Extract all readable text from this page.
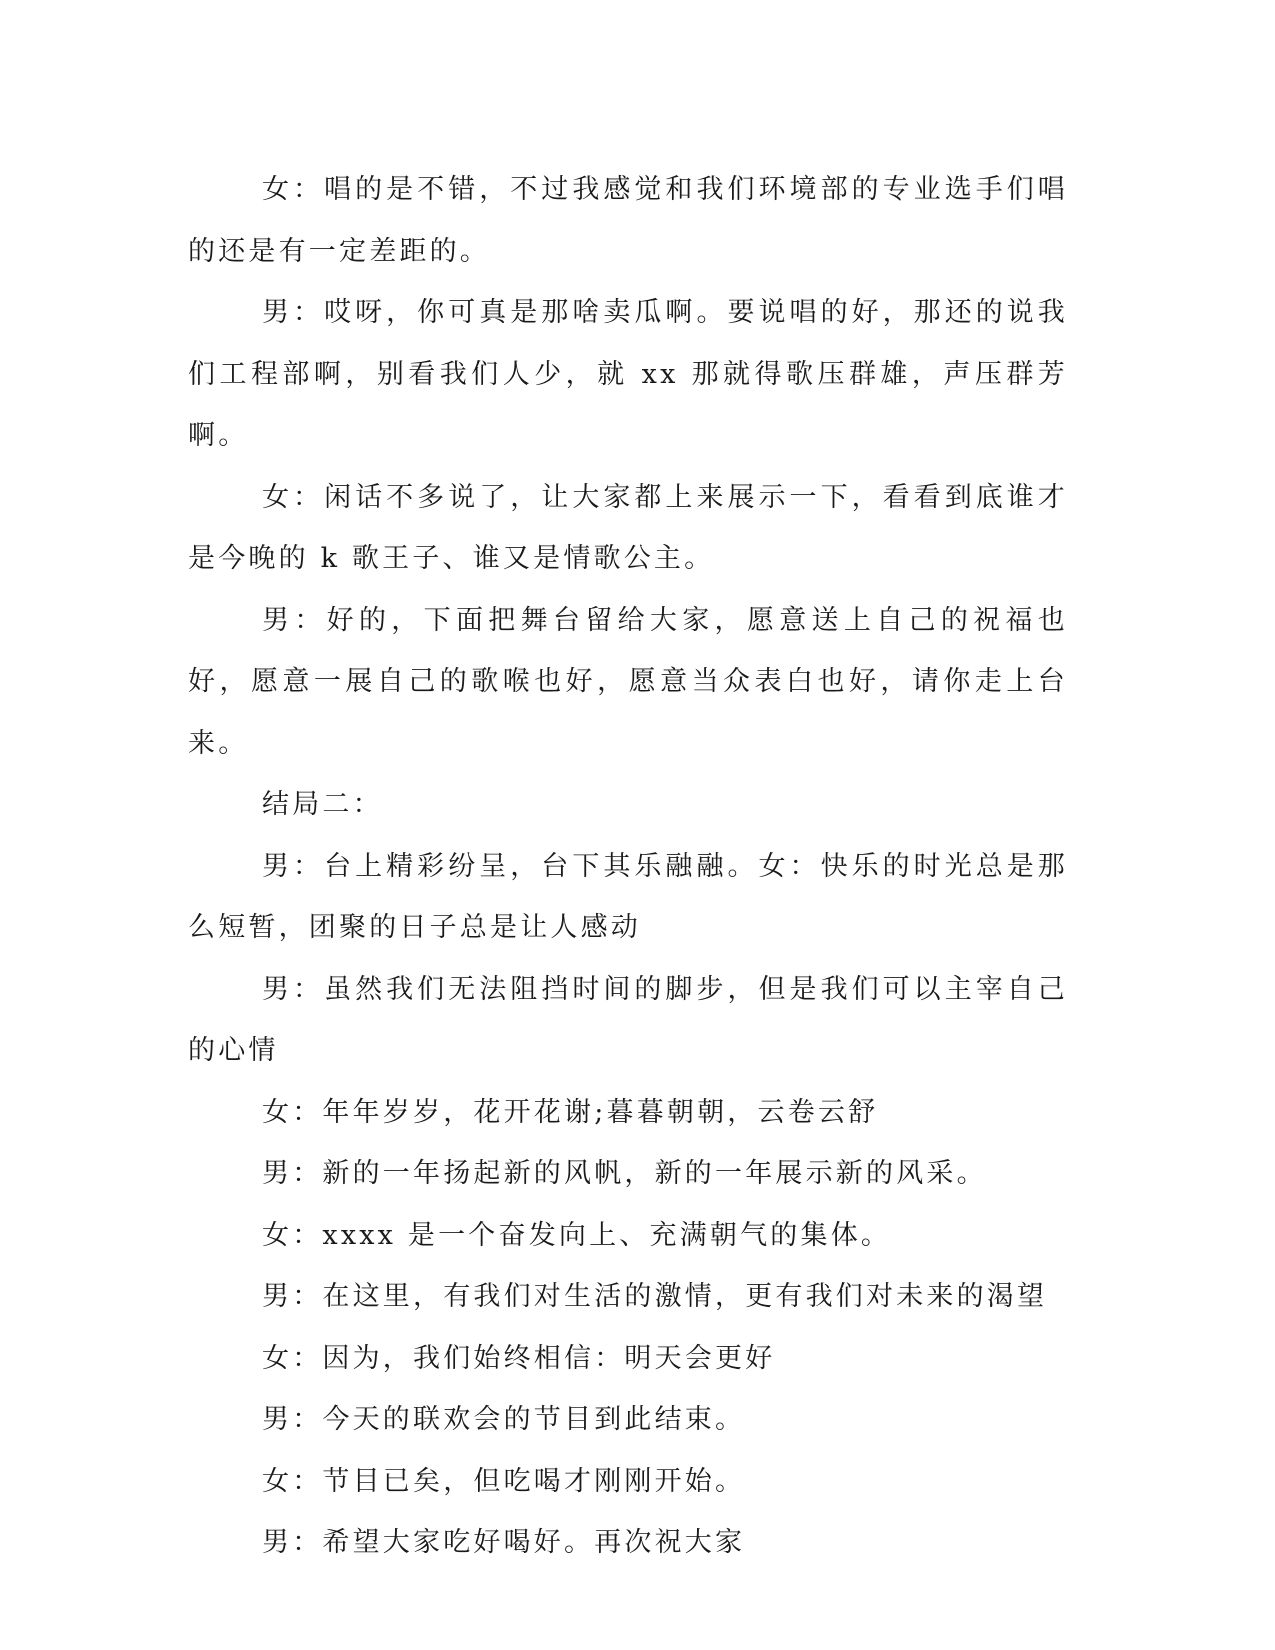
女：唱的是不错，不过我感觉和我们环境部的专业选手们唱的还是有一定差距的。

男：哎呀，你可真是那啥卖瓜啊。要说唱的好，那还的说我们工程部啊，别看我们人少，就 xx 那就得歌压群雄，声压群芳啊。

女：闲话不多说了，让大家都上来展示一下，看看到底谁才是今晚的 k 歌王子、谁又是情歌公主。

男：好的，下面把舞台留给大家，愿意送上自己的祝福也好，愿意一展自己的歌喉也好，愿意当众表白也好，请你走上台来。

结局二：

男：台上精彩纷呈，台下其乐融融。女：快乐的时光总是那么短暂，团聚的日子总是让人感动

男：虽然我们无法阻挡时间的脚步，但是我们可以主宰自己的心情

女：年年岁岁，花开花谢;暮暮朝朝，云卷云舒

男：新的一年扬起新的风帆，新的一年展示新的风采。

女：xxxx 是一个奋发向上、充满朝气的集体。

男：在这里，有我们对生活的激情，更有我们对未来的渴望

女：因为，我们始终相信：明天会更好

男：今天的联欢会的节目到此结束。

女：节目已矣，但吃喝才刚刚开始。

男：希望大家吃好喝好。再次祝大家
